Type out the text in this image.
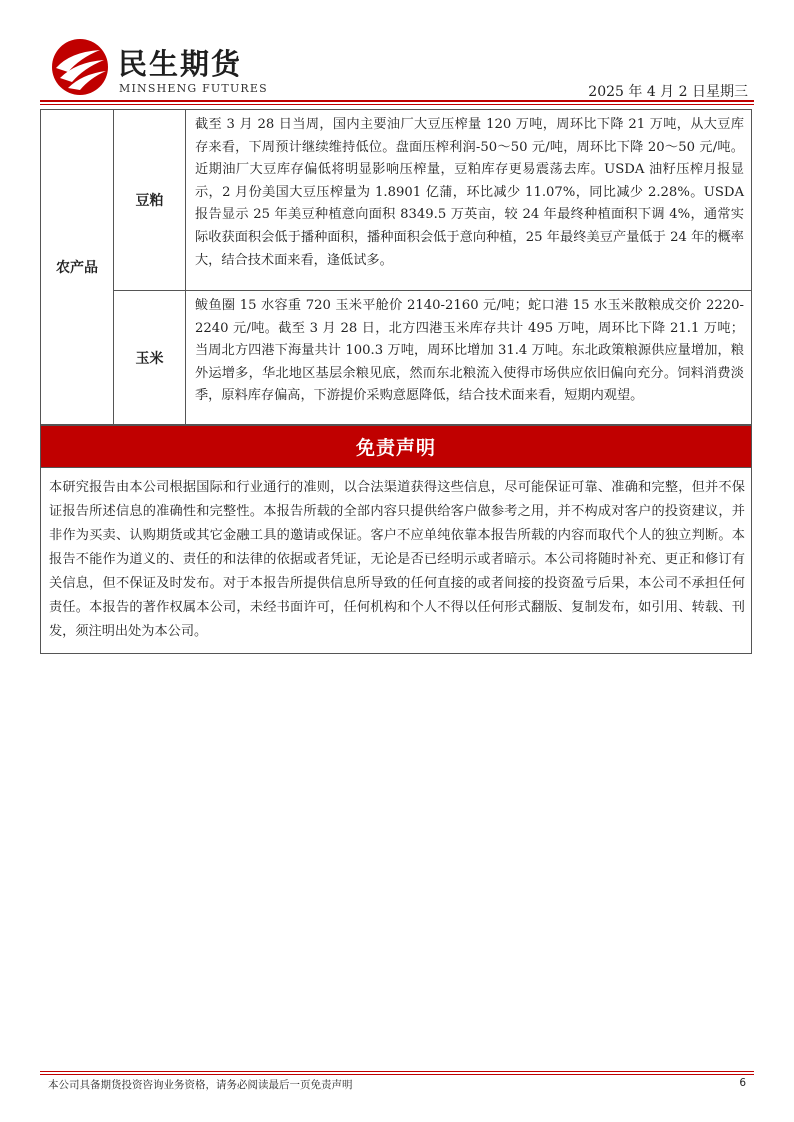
民生期货
MINSHENG FUTURES	2025 年 4 月 2 日星期三
农产品
豆粕
截至 3 月 28 日当周，国内主要油厂大豆压榨量 120 万吨，周环比下降 21 万吨，从大豆库存来看，下周预计继续维持低位。盘面压榨利润-50～50 元/吨，周环比下降 20～50 元/吨。近期油厂大豆库存偏低将明显影响压榨量，豆粕库存更易震荡去库。USDA 油籽压榨月报显示，2 月份美国大豆压榨量为 1.8901 亿蒲，环比减少 11.07%，同比减少 2.28%。USDA 报告显示 25 年美豆种植意向面积 8349.5 万英亩，较 24 年最终种植面积下调 4%，通常实际收获面积会低于播种面积，播种面积会低于意向种植，25 年最终美豆产量低于 24 年的概率大，结合技术面来看，逢低试多。
玉米
鲅鱼圈 15 水容重 720 玉米平舱价 2140-2160 元/吨；蛇口港 15 水玉米散粮成交价 2220-2240 元/吨。截至 3 月 28 日，北方四港玉米库存共计 495 万吨，周环比下降 21.1 万吨；当周北方四港下海量共计 100.3 万吨，周环比增加 31.4 万吨。东北政策粮源供应量增加，粮外运增多，华北地区基层余粮见底，然而东北粮流入使得市场供应依旧偏向充分。饲料消费淡季，原料库存偏高，下游提价采购意愿降低，结合技术面来看，短期内观望。
免责声明
本研究报告由本公司根据国际和行业通行的准则，以合法渠道获得这些信息，尽可能保证可靠、准确和完整，但并不保证报告所述信息的准确性和完整性。本报告所载的全部内容只提供给客户做参考之用，并不构成对客户的投资建议，并非作为买卖、认购期货或其它金融工具的邀请或保证。客户不应单纯依靠本报告所载的内容而取代个人的独立判断。本报告不能作为道义的、责任的和法律的依据或者凭证，无论是否已经明示或者暗示。本公司将随时补充、更正和修订有关信息，但不保证及时发布。对于本报告所提供信息所导致的任何直接的或者间接的投资盈亏后果，本公司不承担任何责任。本报告的著作权属本公司，未经书面许可，任何机构和个人不得以任何形式翻版、复制发布，如引用、转载、刊发，须注明出处为本公司。
本公司具备期货投资咨询业务资格，请务必阅读最后一页免责声明	6
